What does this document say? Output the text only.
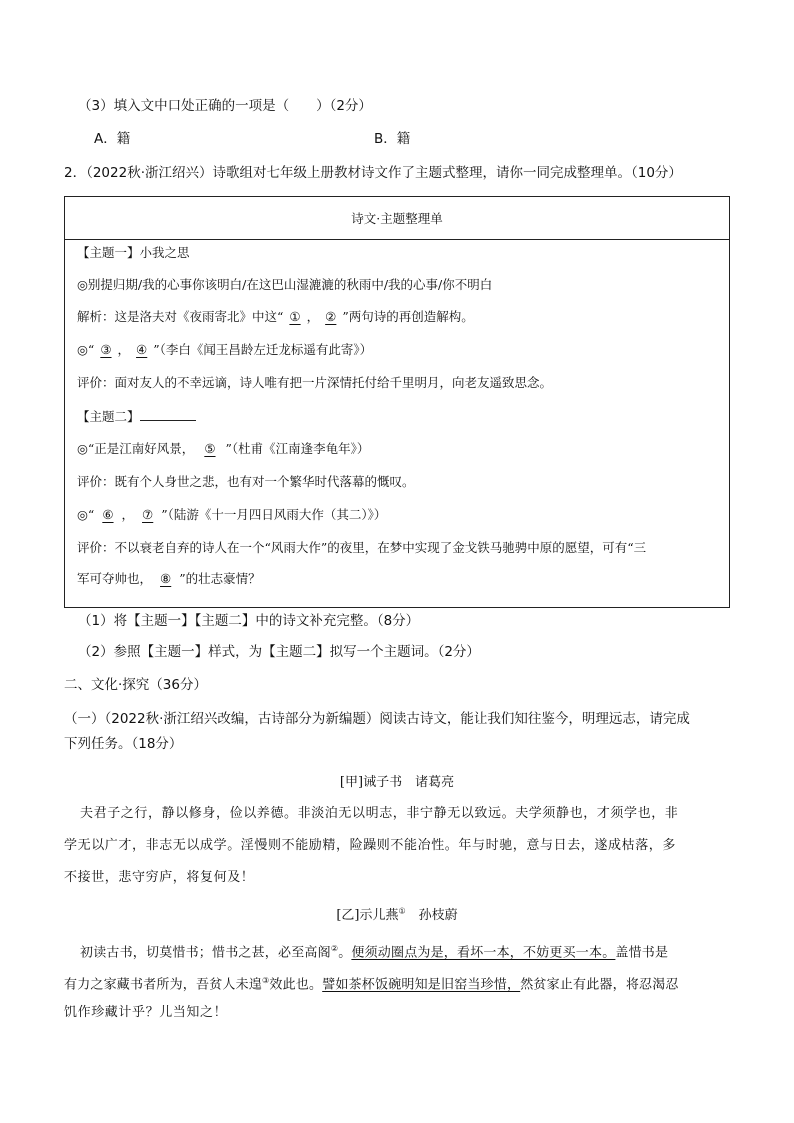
（3）填入文中口处正确的一项是（　　）（2分）
A．籍	B．籍
2．（2022秋·浙江绍兴）诗歌组对七年级上册教材诗文作了主题式整理，请你一同完成整理单。（10分）
诗文·主题整理单
【主题一】小我之思
◎别提归期/我的心事你该明白/在这巴山湿漉漉的秋雨中/我的心事/你不明白
解析：这是洛夫对《夜雨寄北》中这“ ① ， ② ”两句诗的再创造解构。
◎“ ③ ， ④ ”（李白《闻王昌龄左迁龙标遥有此寄》）
评价：面对友人的不幸远谪，诗人唯有把一片深情托付给千里明月，向老友遥致思念。
【主题二】
◎“正是江南好风景， ⑤ ”（杜甫《江南逢李龟年》）
评价：既有个人身世之悲，也有对一个繁华时代落幕的慨叹。
◎“ ⑥ ， ⑦ ”（陆游《十一月四日风雨大作（其二）》）
评价：不以衰老自弃的诗人在一个“风雨大作”的夜里，在梦中实现了金戈铁马驰骋中原的愿望，可有“三
军可夺帅也， ⑧ ”的壮志豪情？
（1）将【主题一】【主题二】中的诗文补充完整。（8分）
（2）参照【主题一】样式，为【主题二】拟写一个主题词。（2分）
二、文化·探究（36分）
（一）（2022秋·浙江绍兴改编，古诗部分为新编题）阅读古诗文，能让我们知往鉴今，明理远志，请完成
下列任务。（18分）
[甲]诫子书　诸葛亮
夫君子之行，静以修身，俭以养德。非淡泊无以明志，非宁静无以致远。夫学须静也，才须学也，非
学无以广才，非志无以成学。淫慢则不能励精，险躁则不能冶性。年与时驰，意与日去，遂成枯落，多
不接世，悲守穷庐，将复何及！
[乙]示儿燕①　孙枝蔚
初读古书，切莫惜书；惜书之甚，必至高阁②。便须动圈点为是，看坏一本，不妨更买一本。盖惜书是
有力之家藏书者所为，吾贫人未遑③效此也。譬如茶杯饭碗明知是旧窑当珍惜，然贫家止有此器，将忍渴忍
饥作珍藏计乎？儿当知之！
